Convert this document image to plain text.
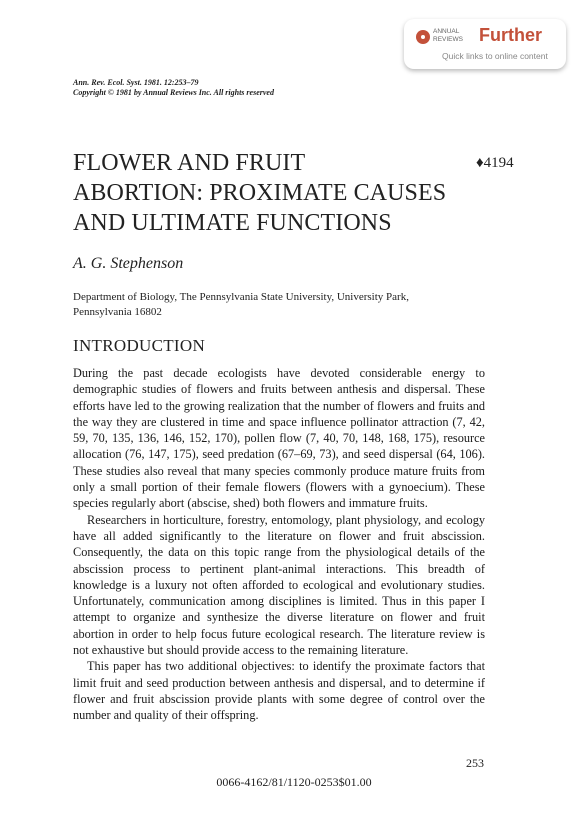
ANNUAL
REVIEWS Further
Quick links to online content
Ann. Rev. Ecol. Syst. 1981. 12:253–79
Copyright © 1981 by Annual Reviews Inc. All rights reserved
FLOWER AND FRUIT
ABORTION: PROXIMATE CAUSES
AND ULTIMATE FUNCTIONS
♦4194
A. G. Stephenson
Department of Biology, The Pennsylvania State University, University Park,
Pennsylvania 16802
INTRODUCTION

During the past decade ecologists have devoted considerable energy to demographic studies of flowers and fruits between anthesis and dispersal. These efforts have led to the growing realization that the number of flowers and fruits and the way they are clustered in time and space influence pollinator attraction (7, 42, 59, 70, 135, 136, 146, 152, 170), pollen flow (7, 40, 70, 148, 168, 175), resource allocation (76, 147, 175), seed predation (67–69, 73), and seed dispersal (64, 106). These studies also reveal that many species commonly produce mature fruits from only a small portion of their female flowers (flowers with a gynoecium). These species regularly abort (abscise, shed) both flowers and immature fruits.

Researchers in horticulture, forestry, entomology, plant physiology, and ecology have all added significantly to the literature on flower and fruit abscission. Consequently, the data on this topic range from the physiological details of the abscission process to pertinent plant-animal interactions. This breadth of knowledge is a luxury not often afforded to ecological and evolutionary studies. Unfortunately, communication among disciplines is limited. Thus in this paper I attempt to organize and synthesize the diverse literature on flower and fruit abortion in order to help focus future ecological research. The literature review is not exhaustive but should provide access to the remaining literature.

This paper has two additional objectives: to identify the proximate factors that limit fruit and seed production between anthesis and dispersal, and to determine if flower and fruit abscission provide plants with some degree of control over the number and quality of their offspring.

253
0066-4162/81/1120-0253$01.00
